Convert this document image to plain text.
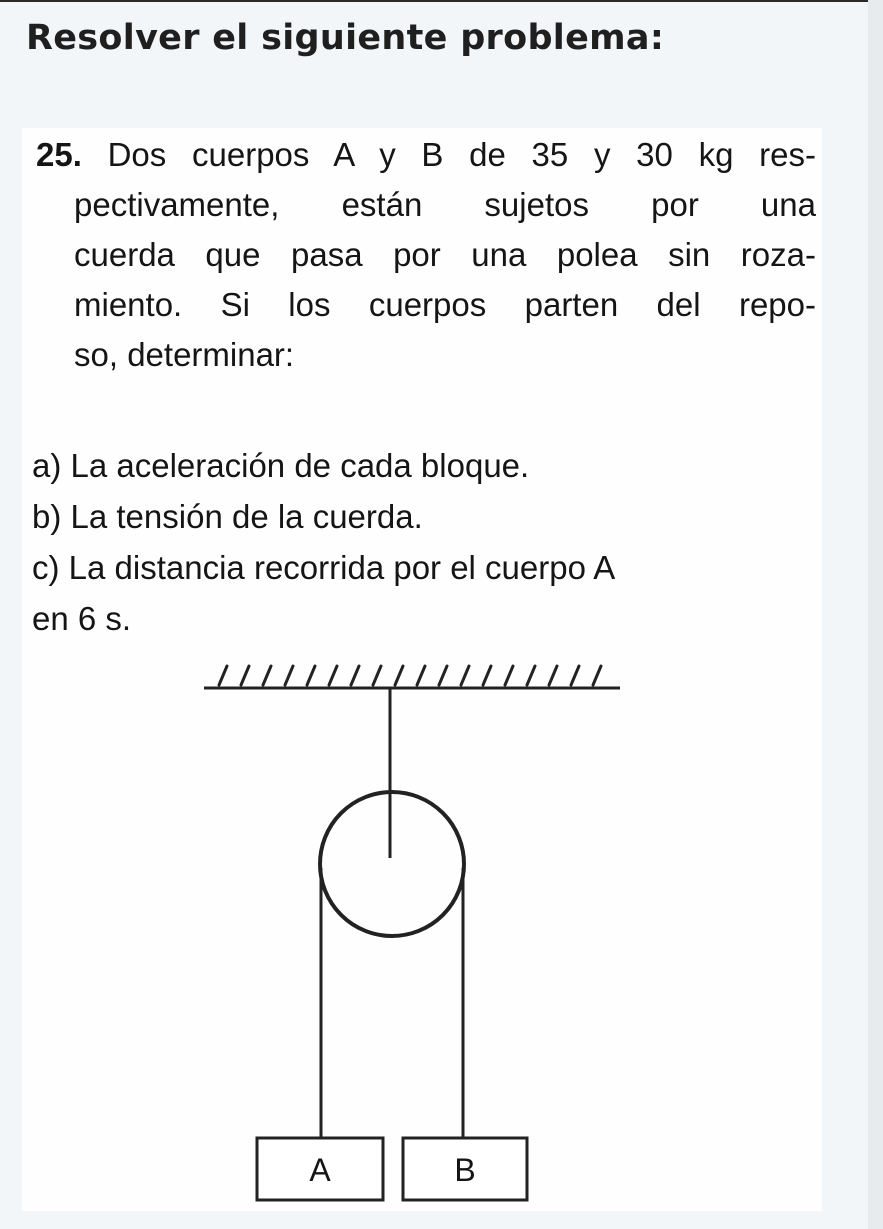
Resolver el siguiente problema:
25. Dos cuerpos A y B de 35 y 30 kg res-
pectivamente, están sujetos por una
cuerda que pasa por una polea sin roza-
miento. Si los cuerpos parten del repo-
so, determinar:
a) La aceleración de cada bloque.
b) La tensión de la cuerda.
c) La distancia recorrida por el cuerpo A
en 6 s.
A	B
